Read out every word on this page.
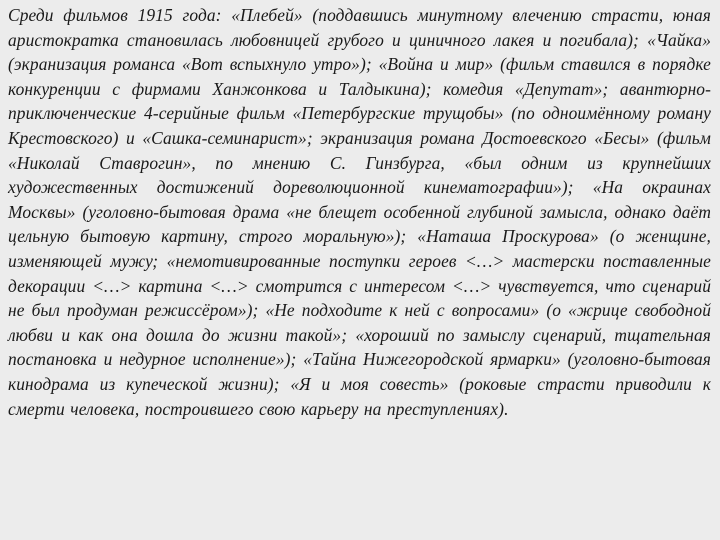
Среди фильмов 1915 года: «Плебей» (поддавшись минутному влечению страсти, юная аристократка становилась любовницей грубого и циничного лакея и погибала); «Чайка» (экранизация романса «Вот вспыхнуло утро»); «Война и мир» (фильм ставился в порядке конкуренции с фирмами Ханжонкова и Талдыкина); комедия «Депутат»; авантюрно-приключенческие 4-серийные фильм «Петербургские трущобы» (по одноимённому роману Крестовского) и «Сашка-семинарист»; экранизация романа Достоевского «Бесы» (фильм «Николай Ставрогин», по мнению С. Гинзбурга, «был одним из крупнейших художественных достижений дореволюционной кинематографии»); «На окраинах Москвы» (уголовно-бытовая драма «не блещет особенной глубиной замысла, однако даёт цельную бытовую картину, строго моральную»); «Наташа Проскурова» (о женщине, изменяющей мужу; «немотивированные поступки героев <…> мастерски поставленные декорации <…> картина <…> смотрится с интересом <…> чувствуется, что сценарий не был продуман режиссёром»); «Не подходите к ней с вопросами» (о «жрице свободной любви и как она дошла до жизни такой»; «хороший по замыслу сценарий, тщательная постановка и недурное исполнение»); «Тайна Нижегородской ярмарки» (уголовно-бытовая кинодрама из купеческой жизни); «Я и моя совесть» (роковые страсти приводили к смерти человека, построившего свою карьеру на преступлениях).
